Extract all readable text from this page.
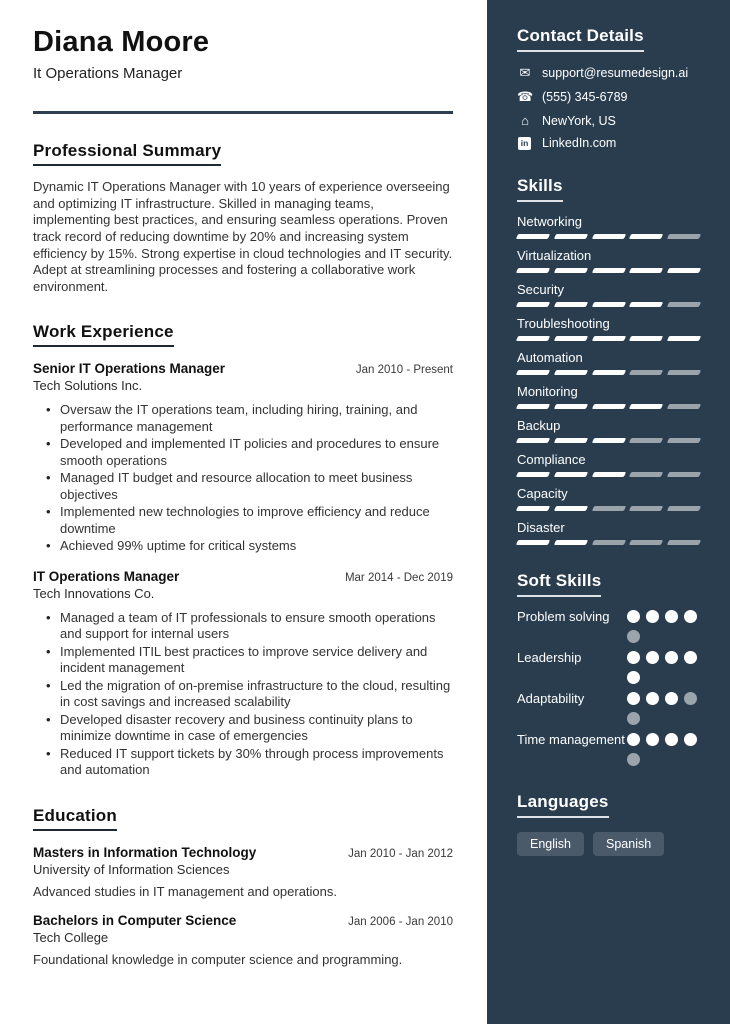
Diana Moore
It Operations Manager
Professional Summary
Dynamic IT Operations Manager with 10 years of experience overseeing and optimizing IT infrastructure. Skilled in managing teams, implementing best practices, and ensuring seamless operations. Proven track record of reducing downtime by 20% and increasing system efficiency by 15%. Strong expertise in cloud technologies and IT security. Adept at streamlining processes and fostering a collaborative work environment.
Work Experience
Senior IT Operations Manager	Jan 2010 - Present
Tech Solutions Inc.
• Oversaw the IT operations team, including hiring, training, and performance management
• Developed and implemented IT policies and procedures to ensure smooth operations
• Managed IT budget and resource allocation to meet business objectives
• Implemented new technologies to improve efficiency and reduce downtime
• Achieved 99% uptime for critical systems
IT Operations Manager	Mar 2014 - Dec 2019
Tech Innovations Co.
• Managed a team of IT professionals to ensure smooth operations and support for internal users
• Implemented ITIL best practices to improve service delivery and incident management
• Led the migration of on-premise infrastructure to the cloud, resulting in cost savings and increased scalability
• Developed disaster recovery and business continuity plans to minimize downtime in case of emergencies
• Reduced IT support tickets by 30% through process improvements and automation
Education
Masters in Information Technology	Jan 2010 - Jan 2012
University of Information Sciences
Advanced studies in IT management and operations.
Bachelors in Computer Science	Jan 2006 - Jan 2010
Tech College
Foundational knowledge in computer science and programming.
Contact Details
✉ support@resumedesign.ai
☎ (555) 345-6789
⌂	NewYork, US
in LinkedIn.com
Skills
Networking
Virtualization
Security
Troubleshooting
Automation
Monitoring
Backup
Compliance
Capacity
Disaster
Soft Skills
Problem solving
Leadership
Adaptability
Time management
Languages
English	Spanish
